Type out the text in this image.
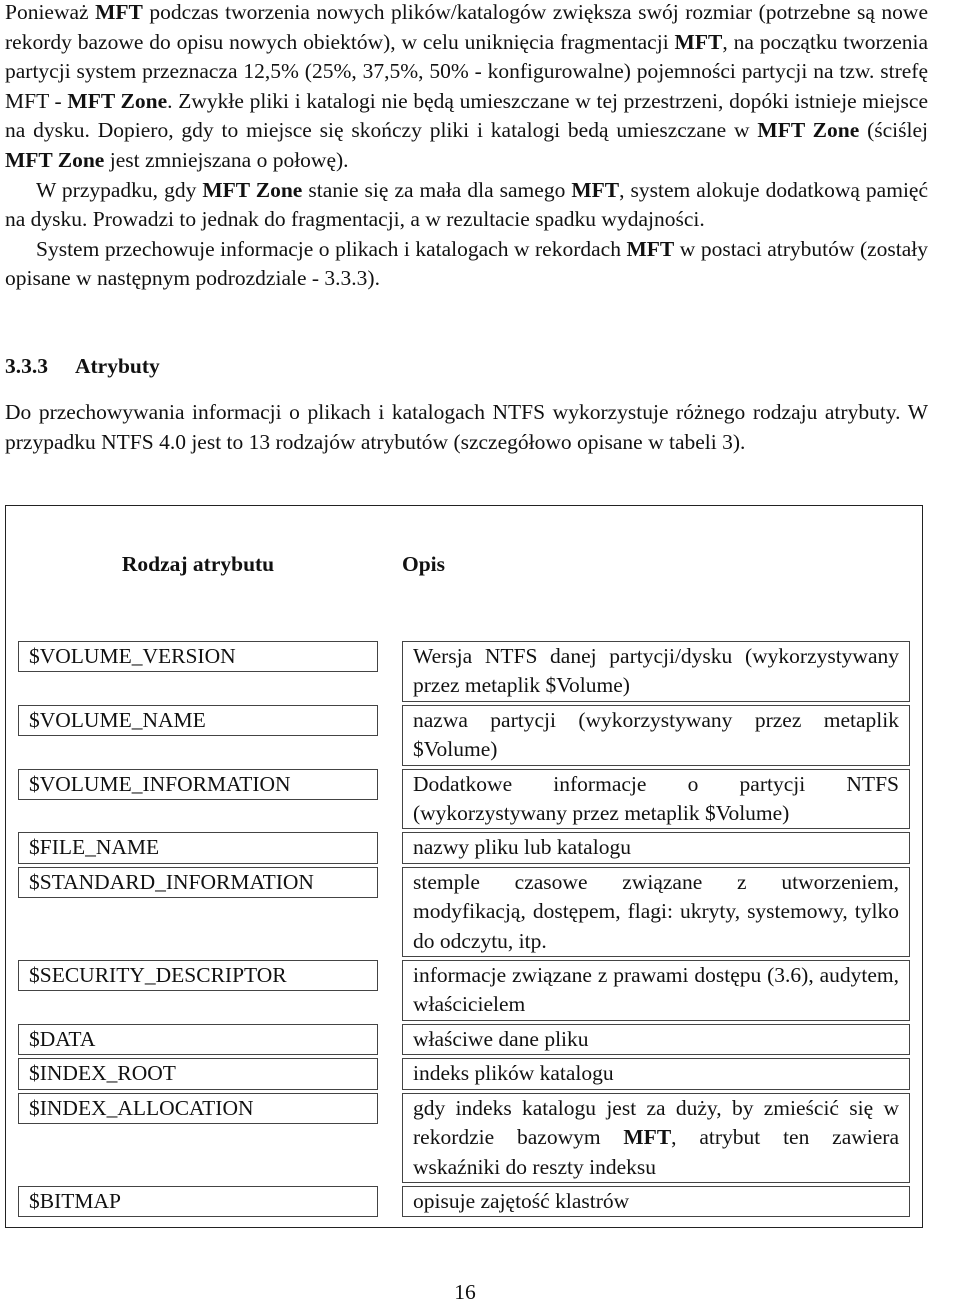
Ponieważ MFT podczas tworzenia nowych plików/katalogów zwiększa swój rozmiar (potrzebne są nowe rekordy bazowe do opisu nowych obiektów), w celu uniknięcia fragmentacji MFT, na początku tworzenia partycji system przeznacza 12,5% (25%, 37,5%, 50% - konfigurowalne) pojemności partycji na tzw. strefę MFT - MFT Zone. Zwykłe pliki i katalogi nie będą umieszczane w tej przestrzeni, dopóki istnieje miejsce na dysku. Dopiero, gdy to miejsce się skończy pliki i katalogi bedą umieszczane w MFT Zone (ściślej MFT Zone jest zmniejszana o połowę).
W przypadku, gdy MFT Zone stanie się za mała dla samego MFT, system alokuje dodatkową pamięć na dysku. Prowadzi to jednak do fragmentacji, a w rezultacie spadku wydajności.
System przechowuje informacje o plikach i katalogach w rekordach MFT w postaci atrybutów (zostały opisane w następnym podrozdziale - 3.3.3).
3.3.3 Atrybuty
Do przechowywania informacji o plikach i katalogach NTFS wykorzystuje różnego rodzaju atrybuty. W przypadku NTFS 4.0 jest to 13 rodzajów atrybutów (szczegółowo opisane w tabeli 3).
Rodzaj atrybutu	Opis

$VOLUME_VERSION	Wersja NTFS danej partycji/dysku (wykorzystywany przez metaplik $Volume)

$VOLUME_NAME	nazwa partycji (wykorzystywany przez metaplik $Volume)

$VOLUME_INFORMATION	Dodatkowe informacje o partycji NTFS (wykorzystywany przez metaplik $Volume)

$FILE_NAME	nazwy pliku lub katalogu

$STANDARD_INFORMATION	stemple czasowe związane z utworzeniem, modyfikacją, dostępem, flagi: ukryty, systemowy, tylko do odczytu, itp.

$SECURITY_DESCRIPTOR	informacje związane z prawami dostępu (3.6), audytem, właścicielem

$DATA	właściwe dane pliku

$INDEX_ROOT	indeks plików katalogu

$INDEX_ALLOCATION	gdy indeks katalogu jest za duży, by zmieścić się w rekordzie bazowym MFT, atrybut ten zawiera wskaźniki do reszty indeksu

$BITMAP	opisuje zajętość klastrów

16
